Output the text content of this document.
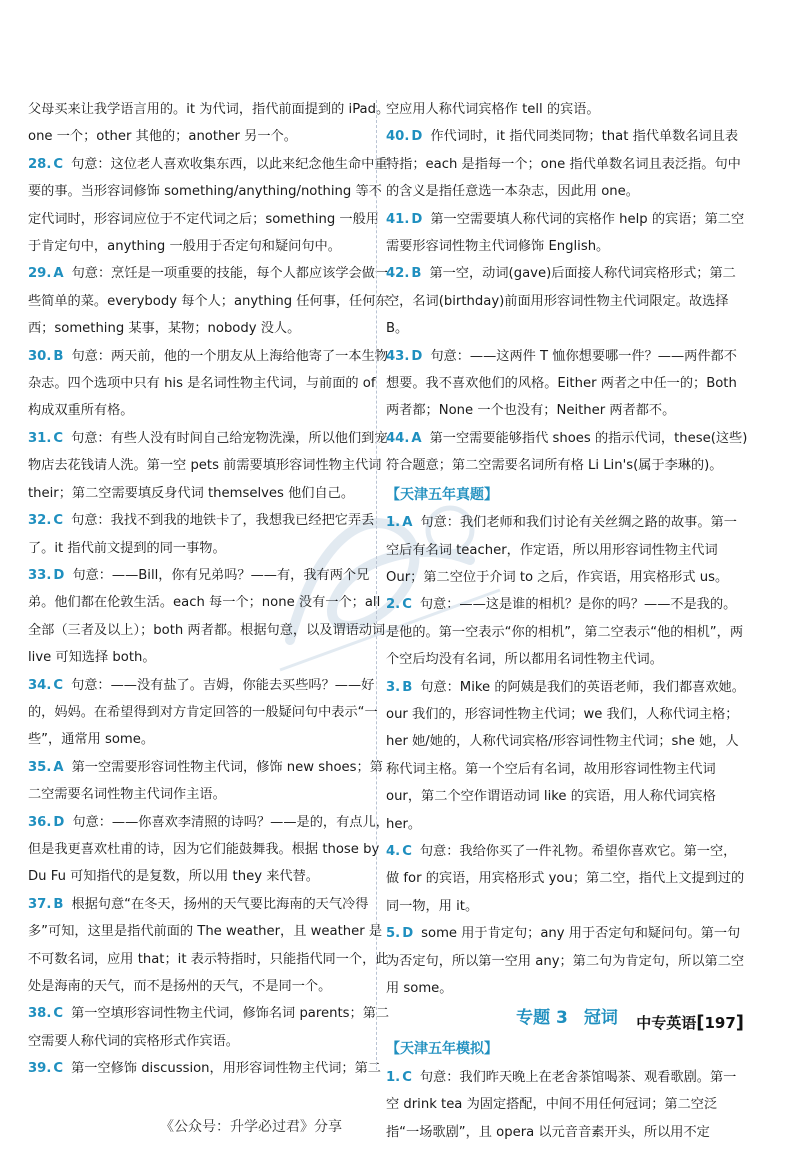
父母买来让我学语言用的。it 为代词，指代前面提到的 iPad。one 一个；other 其他的；another 另一个。

28. C 句意：这位老人喜欢收集东西，以此来纪念他生命中重要的事。当形容词修饰 something/anything/nothing 等不定代词时，形容词应位于不定代词之后；something 一般用于肯定句中，anything 一般用于否定句和疑问句中。

29. A 句意：烹饪是一项重要的技能，每个人都应该学会做一些简单的菜。everybody 每个人；anything 任何事，任何东西；something 某事，某物；nobody 没人。

30. B 句意：两天前，他的一个朋友从上海给他寄了一本生物杂志。四个选项中只有 his 是名词性物主代词，与前面的 of 构成双重所有格。

31. C 句意：有些人没有时间自己给宠物洗澡，所以他们到宠物店去花钱请人洗。第一空 pets 前需要填形容词性物主代词 their；第二空需要填反身代词 themselves 他们自己。

32. C 句意：我找不到我的地铁卡了，我想我已经把它弄丢了。it 指代前文提到的同一事物。

33. D 句意：——Bill，你有兄弟吗？——有，我有两个兄弟。他们都在伦敦生活。each 每一个；none 没有一个；all 全部（三者及以上）；both 两者都。根据句意，以及谓语动词 live 可知选择 both。

34. C 句意：——没有盐了。吉姆，你能去买些吗？——好的，妈妈。在希望得到对方肯定回答的一般疑问句中表示“一些”，通常用 some。

35. A 第一空需要形容词性物主代词，修饰 new shoes；第二空需要名词性物主代词作主语。

36. D 句意：——你喜欢李清照的诗吗？——是的，有点儿，但是我更喜欢杜甫的诗，因为它们能鼓舞我。根据 those by Du Fu 可知指代的是复数，所以用 they 来代替。

37. B 根据句意“在冬天，扬州的天气要比海南的天气冷得多”可知，这里是指代前面的 The weather，且 weather 是不可数名词，应用 that；it 表示特指时，只能指代同一个，此处是海南的天气，而不是扬州的天气，不是同一个。

38. C 第一空填形容词性物主代词，修饰名词 parents；第二空需要人称代词的宾格形式作宾语。

39. C 第一空修饰 discussion，用形容词性物主代词；第二

空应用人称代词宾格作 tell 的宾语。

40. D 作代词时，it 指代同类同物；that 指代单数名词且表特指；each 是指每一个；one 指代单数名词且表泛指。句中的含义是指任意选一本杂志，因此用 one。

41. D 第一空需要填人称代词的宾格作 help 的宾语；第二空需要形容词性物主代词修饰 English。

42. B 第一空，动词(gave)后面接人称代词宾格形式；第二空，名词(birthday)前面用形容词性物主代词限定。故选择 B。

43. D 句意：——这两件 T 恤你想要哪一件？——两件都不想要。我不喜欢他们的风格。Either 两者之中任一的；Both 两者都；None 一个也没有；Neither 两者都不。

44. A 第一空需要能够指代 shoes 的指示代词，these(这些)符合题意；第二空需要名词所有格 Li Lin's(属于李琳的)。

【天津五年真题】

1. A 句意：我们老师和我们讨论有关丝绸之路的故事。第一空后有名词 teacher，作定语，所以用形容词性物主代词 Our；第二空位于介词 to 之后，作宾语，用宾格形式 us。

2. C 句意：——这是谁的相机？是你的吗？——不是我的。是他的。第一空表示“你的相机”，第二空表示“他的相机”，两个空后均没有名词，所以都用名词性物主代词。

3. B 句意：Mike 的阿姨是我们的英语老师，我们都喜欢她。our 我们的，形容词性物主代词；we 我们，人称代词主格；her 她/她的，人称代词宾格/形容词性物主代词；she 她，人称代词主格。第一个空后有名词，故用形容词性物主代词 our，第二个空作谓语动词 like 的宾语，用人称代词宾格 her。

4. C 句意：我给你买了一件礼物。希望你喜欢它。第一空，做 for 的宾语，用宾格形式 you；第二空，指代上文提到过的同一物，用 it。

5. D some 用于肯定句；any 用于否定句和疑问句。第一句为否定句，所以第一空用 any；第二句为肯定句，所以第二空用 some。

专题 3 冠词
【天津五年模拟】

1. C 句意：我们昨天晚上在老舍茶馆喝茶、观看歌剧。第一空 drink tea 为固定搭配，中间不用任何冠词；第二空泛指“一场歌剧”，且 opera 以元音音素开头，所以用不定

中专英语[197]
《公众号：升学必过君》分享
